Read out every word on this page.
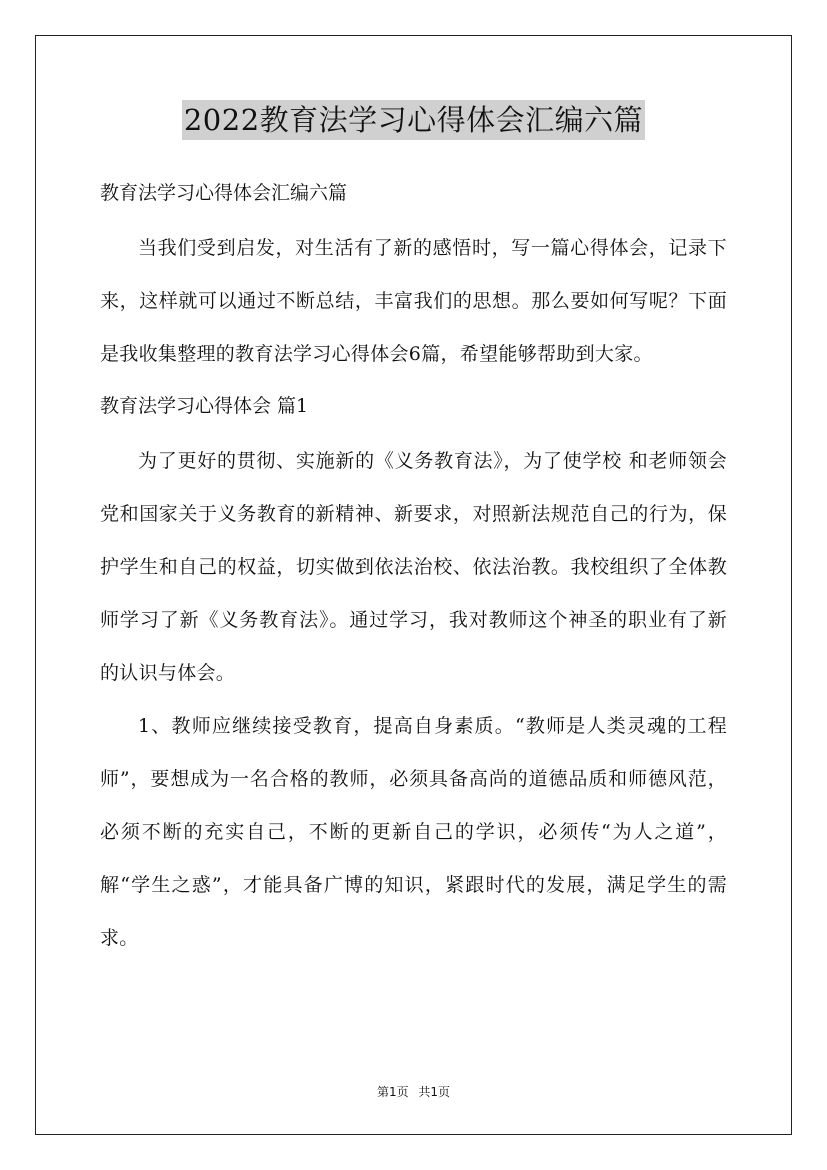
2022教育法学习心得体会汇编六篇
教育法学习心得体会汇编六篇

当我们受到启发，对生活有了新的感悟时，写一篇心得体会，记录下来，这样就可以通过不断总结，丰富我们的思想。那么要如何写呢？下面是我收集整理的教育法学习心得体会6篇，希望能够帮助到大家。

教育法学习心得体会 篇1

为了更好的贯彻、实施新的《义务教育法》，为了使学校 和老师领会党和国家关于义务教育的新精神、新要求，对照新法规范自己的行为，保护学生和自己的权益，切实做到依法治校、依法治教。我校组织了全体教师学习了新《义务教育法》。通过学习，我对教师这个神圣的职业有了新的认识与体会。

1、教师应继续接受教育，提高自身素质。“教师是人类灵魂的工程师”，要想成为一名合格的教师，必须具备高尚的道德品质和师德风范，必须不断的充实自己，不断的更新自己的学识，必须传“为人之道”，解“学生之惑”，才能具备广博的知识，紧跟时代的发展，满足学生的需求。

第1页 共1页
